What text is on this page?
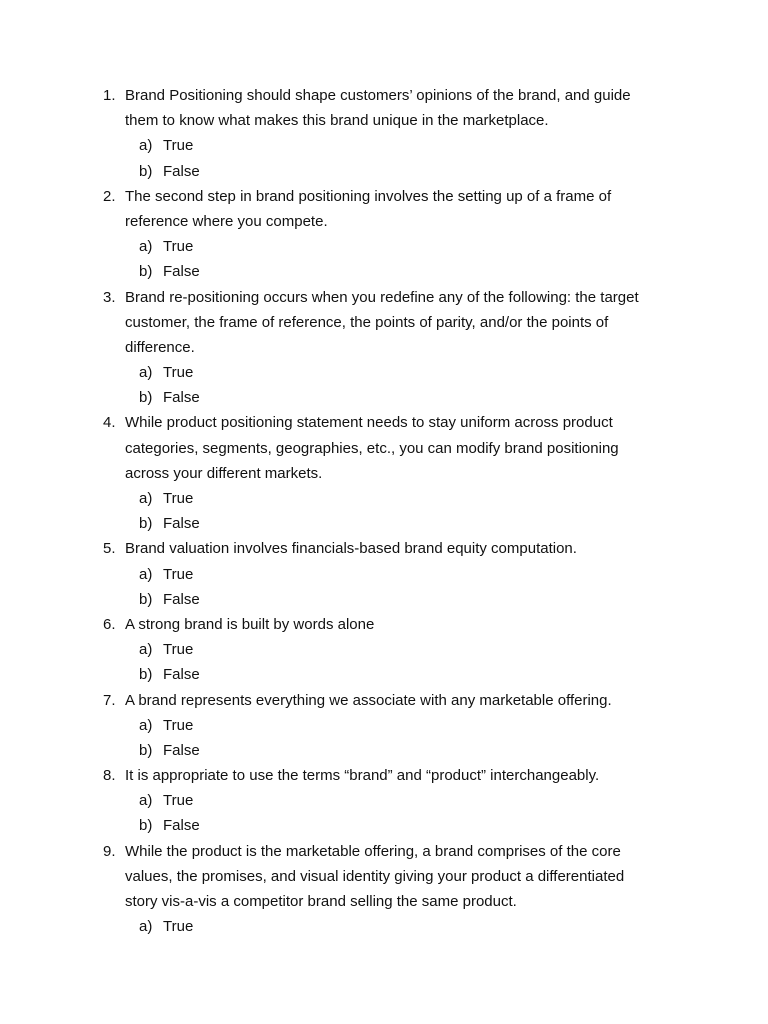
1. Brand Positioning should shape customers’ opinions of the brand, and guide
them to know what makes this brand unique in the marketplace.
a) True
b) False
2. The second step in brand positioning involves the setting up of a frame of
reference where you compete.
a) True
b) False
3. Brand re-positioning occurs when you redefine any of the following: the target
customer, the frame of reference, the points of parity, and/or the points of
difference.
a) True
b) False
4. While product positioning statement needs to stay uniform across product
categories, segments, geographies, etc., you can modify brand positioning
across your different markets.
a) True
b) False
5. Brand valuation involves financials-based brand equity computation.
a) True
b) False
6. A strong brand is built by words alone
a) True
b) False
7. A brand represents everything we associate with any marketable offering.
a) True
b) False
8. It is appropriate to use the terms “brand” and “product” interchangeably.
a) True
b) False
9. While the product is the marketable offering, a brand comprises of the core
values, the promises, and visual identity giving your product a differentiated
story vis-a-vis a competitor brand selling the same product.
a) True
